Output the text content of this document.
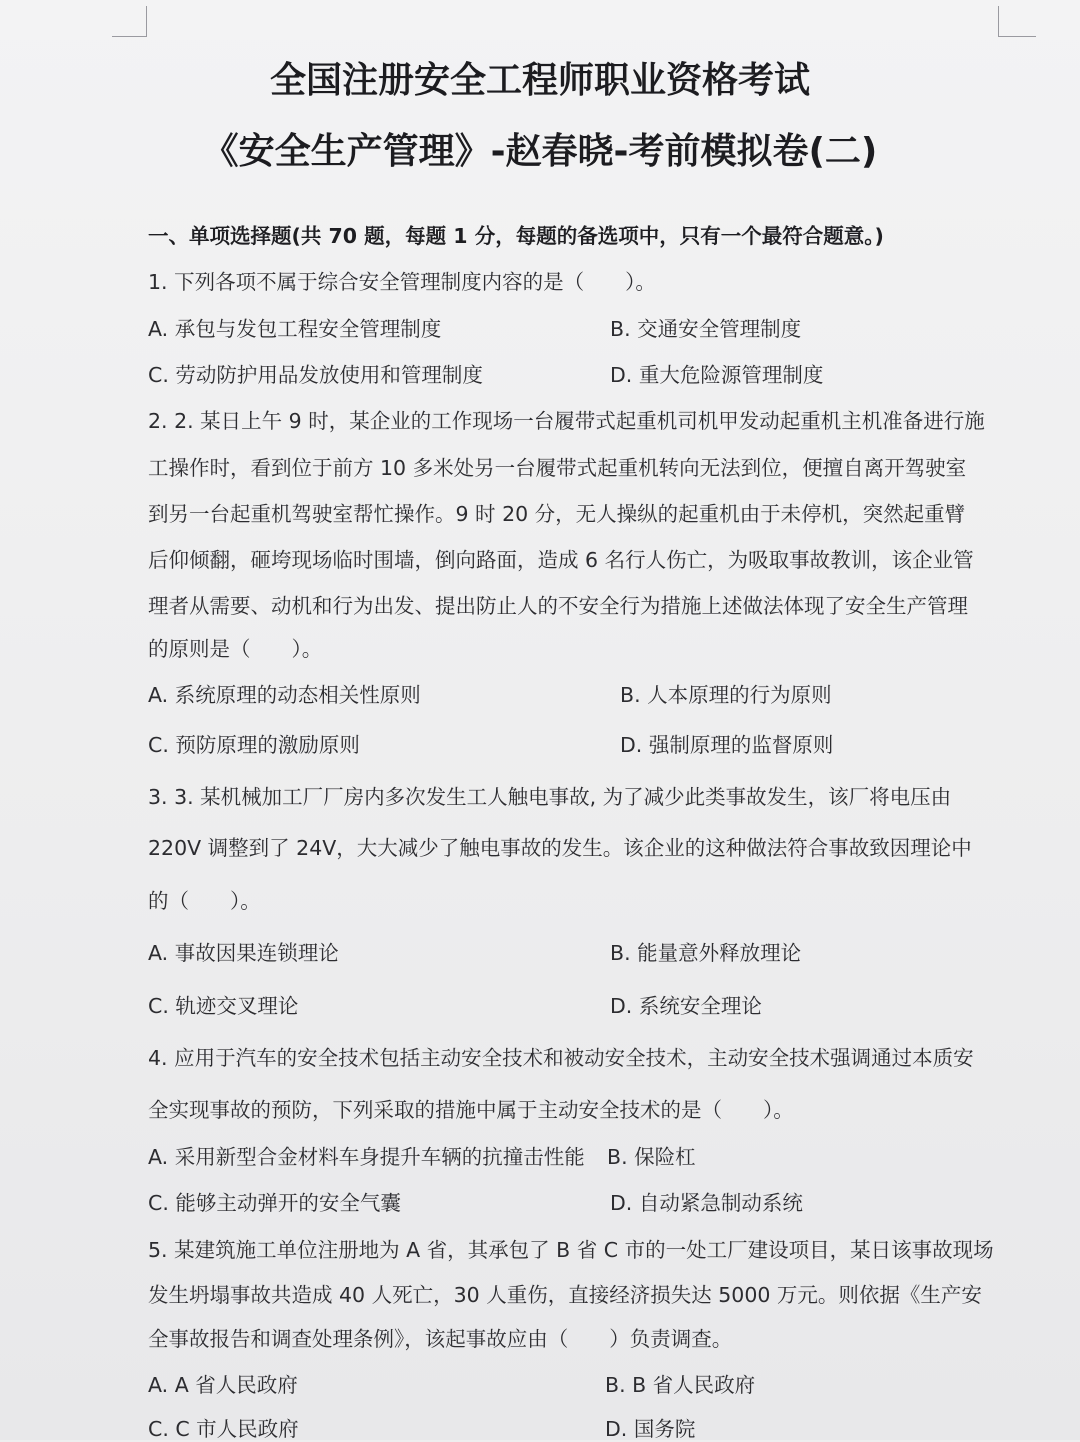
全国注册安全工程师职业资格考试
《安全生产管理》-赵春晓-考前模拟卷(二)
一、单项选择题(共 70 题，每题 1 分，每题的备选项中，只有一个最符合题意。)
1. 下列各项不属于综合安全管理制度内容的是（　　）。
A. 承包与发包工程安全管理制度	B. 交通安全管理制度
C. 劳动防护用品发放使用和管理制度	D. 重大危险源管理制度
2. 2. 某日上午 9 时，某企业的工作现场一台履带式起重机司机甲发动起重机主机准备进行施
工操作时，看到位于前方 10 多米处另一台履带式起重机转向无法到位，便擅自离开驾驶室
到另一台起重机驾驶室帮忙操作。9 时 20 分，无人操纵的起重机由于未停机，突然起重臂
后仰倾翻，砸垮现场临时围墙，倒向路面，造成 6 名行人伤亡，为吸取事故教训，该企业管
理者从需要、动机和行为出发、提出防止人的不安全行为措施上述做法体现了安全生产管理
的原则是（　　）。
A. 系统原理的动态相关性原则	B. 人本原理的行为原则
C. 预防原理的激励原则	D. 强制原理的监督原则
3. 3. 某机械加工厂厂房内多次发生工人触电事故, 为了减少此类事故发生，该厂将电压由
220V 调整到了 24V，大大减少了触电事故的发生。该企业的这种做法符合事故致因理论中
的（　　）。
A. 事故因果连锁理论	B. 能量意外释放理论
C. 轨迹交叉理论	D. 系统安全理论
4. 应用于汽车的安全技术包括主动安全技术和被动安全技术，主动安全技术强调通过本质安
全实现事故的预防，下列采取的措施中属于主动安全技术的是（　　）。
A. 采用新型合金材料车身提升车辆的抗撞击性能 B. 保险杠
C. 能够主动弹开的安全气囊	D. 自动紧急制动系统
5. 某建筑施工单位注册地为 A 省，其承包了 B 省 C 市的一处工厂建设项目，某日该事故现场
发生坍塌事故共造成 40 人死亡，30 人重伤，直接经济损失达 5000 万元。则依据《生产安
全事故报告和调查处理条例》，该起事故应由（　　）负责调查。
A. A 省人民政府	B. B 省人民政府
C. C 市人民政府	D. 国务院
